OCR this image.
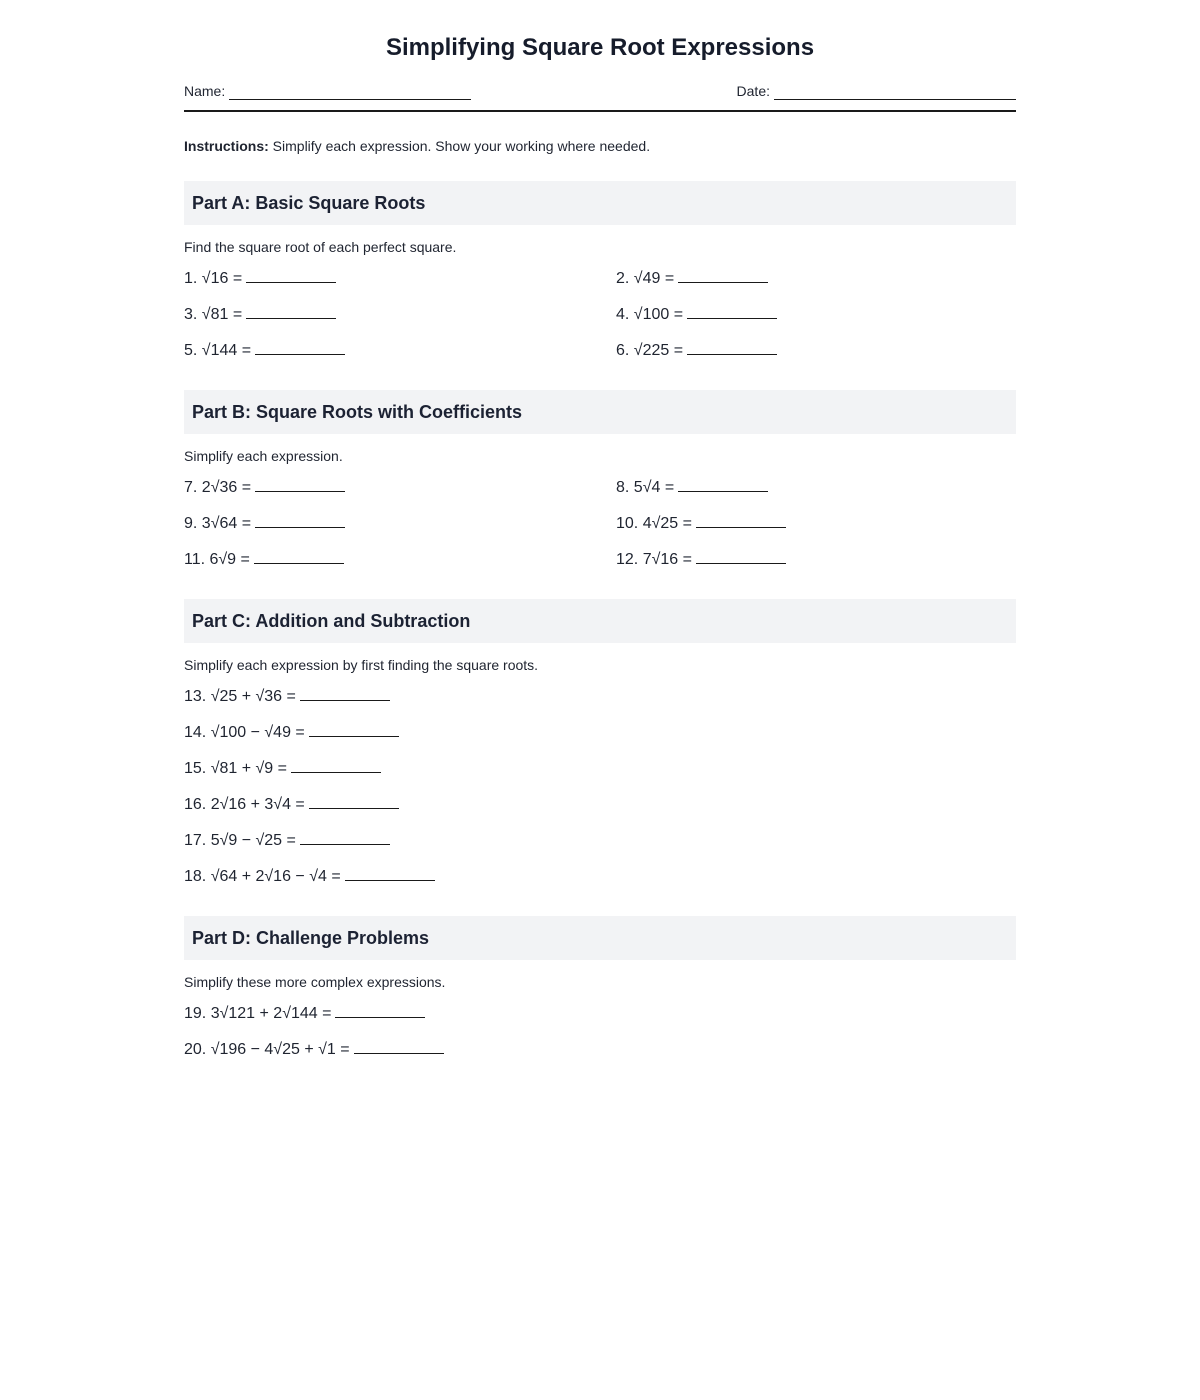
Simplifying Square Root Expressions
Name:	Date:
Instructions: Simplify each expression. Show your working where needed.
Part A: Basic Square Roots
Find the square root of each perfect square.
1. √16 =	2. √49 =
3. √81 =	4. √100 =
5. √144 =	6. √225 =
Part B: Square Roots with Coefficients
Simplify each expression.
7. 2√36 =	8. 5√4 =
9. 3√64 =	10. 4√25 =
11. 6√9 =	12. 7√16 =
Part C: Addition and Subtraction
Simplify each expression by first finding the square roots.
13. √25 + √36 =
14. √100 − √49 =
15. √81 + √9 =
16. 2√16 + 3√4 =
17. 5√9 − √25 =
18. √64 + 2√16 − √4 =
Part D: Challenge Problems
Simplify these more complex expressions.
19. 3√121 + 2√144 =
20. √196 − 4√25 + √1 =
